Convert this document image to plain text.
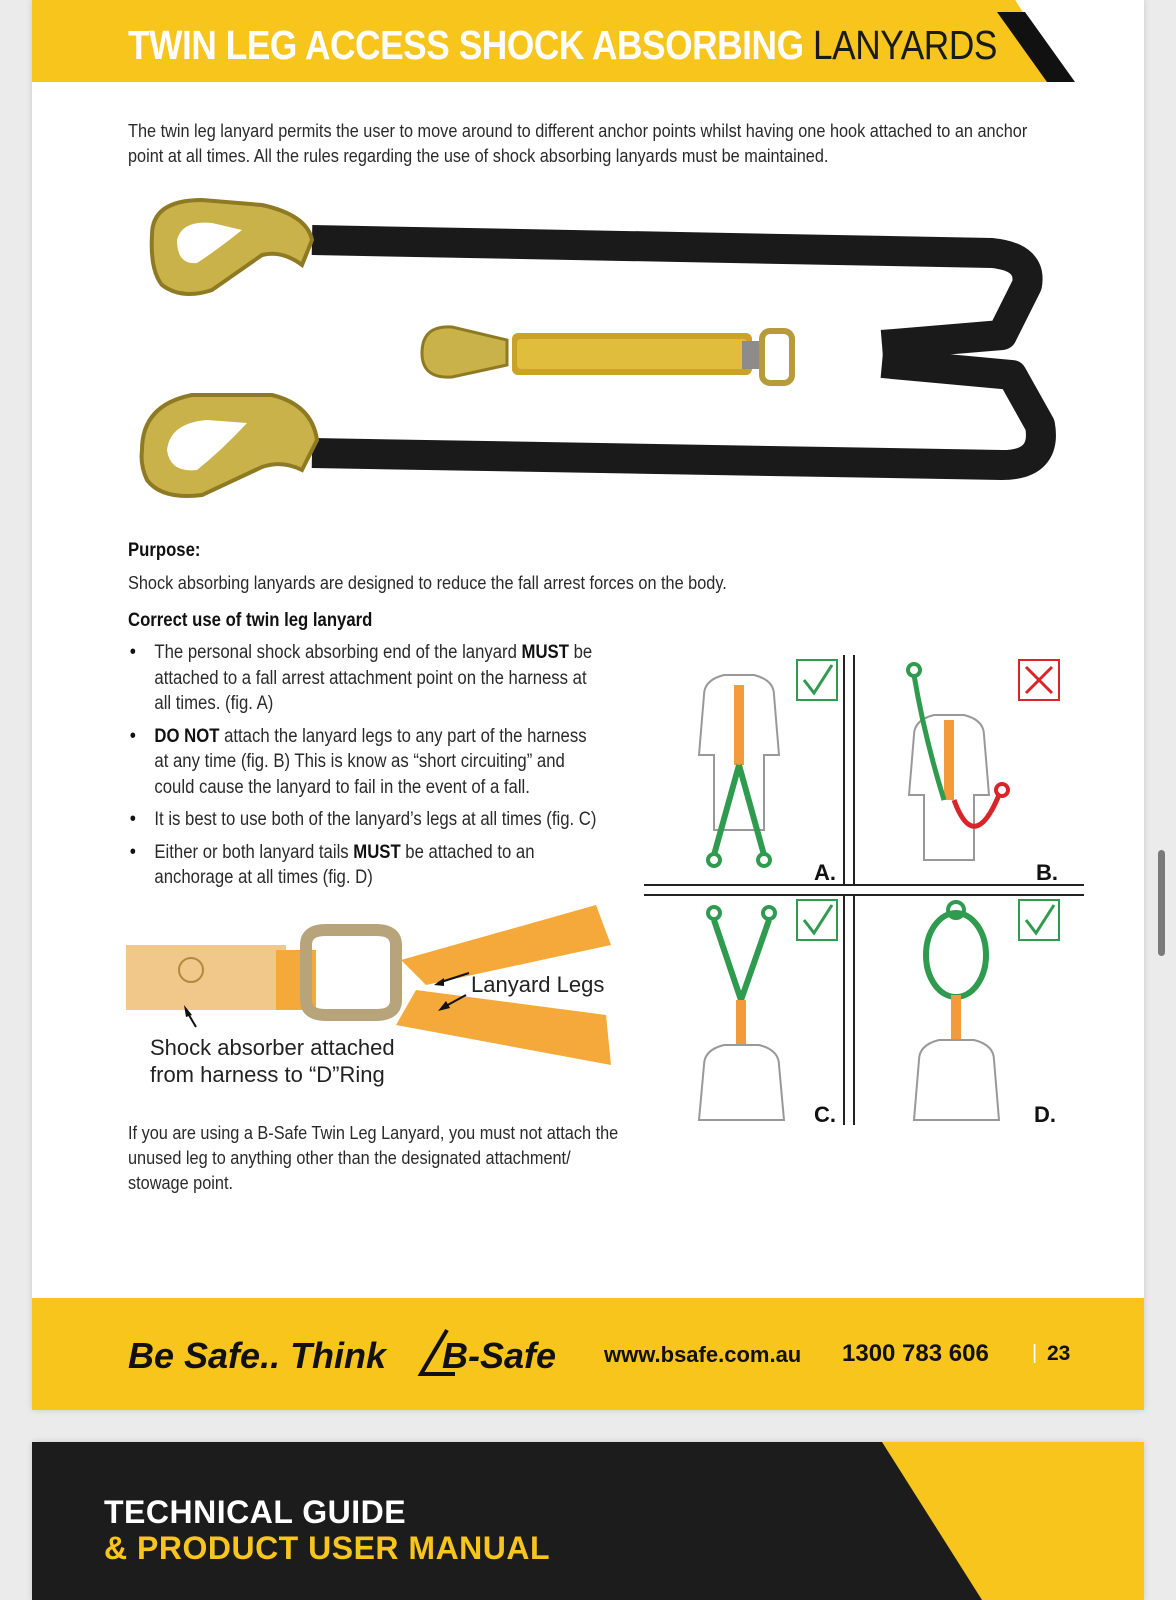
TWIN LEG ACCESS SHOCK ABSORBING LANYARDS
The twin leg lanyard permits the user to move around to different anchor points whilst having one hook attached to an anchor point at all times. All the rules regarding the use of shock absorbing lanyards must be maintained.
Purpose:
Shock absorbing lanyards are designed to reduce the fall arrest forces on the body.
Correct use of twin leg lanyard
• The personal shock absorbing end of the lanyard MUST be attached to a fall arrest attachment point on the harness at all times. (fig. A)
• DO NOT attach the lanyard legs to any part of the harness at any time (fig. B) This is know as “short circuiting” and could cause the lanyard to fail in the event of a fall.
• It is best to use both of the lanyard’s legs at all times (fig. C)
• Either or both lanyard tails MUST be attached to an anchorage at all times (fig. D)
Lanyard Legs
Shock absorber attached
from harness to “D”Ring
If you are using a B-Safe Twin Leg Lanyard, you must not attach the unused leg to anything other than the designated attachment/ stowage point.
A.	B.
C.	D.
Be Safe.. Think B-Safe www.bsafe.com.au 1300 783 606 | 23
TECHNICAL GUIDE
& PRODUCT USER MANUAL
